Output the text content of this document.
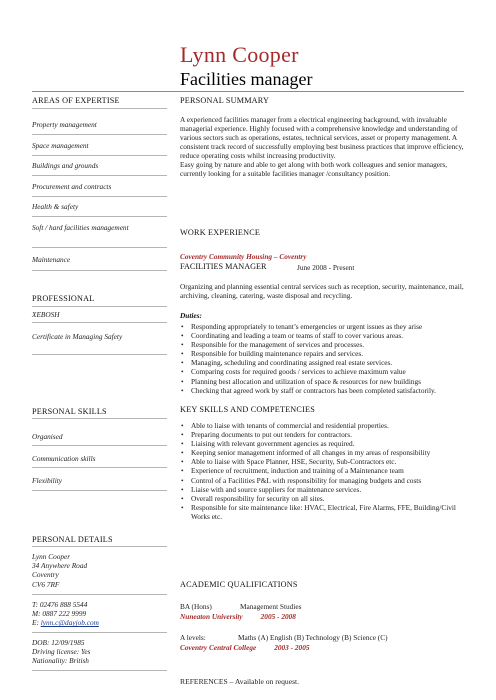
Lynn Cooper
Facilities manager
AREAS OF EXPERTISE
Property management
Space management
Buildings and grounds
Procurement and contracts
Health & safety
Soft / hard facilities management
Maintenance
PROFESSIONAL
XEBOSH
Certificate in Managing Safety
PERSONAL SKILLS
Organised
Communication skills
Flexibility
PERSONAL DETAILS
Lynn Cooper
34 Anywhere Road
Coventry
CV6 7RF
T: 02476 888 5544
M: 0887 222 9999
E: lynn.c@dayjob.com
DOB: 12/09/1985
Driving license: Yes
Nationality: British
PERSONAL SUMMARY
A experienced facilities manager from a electrical engineering background, with invaluable managerial experience. Highly focused with a comprehensive knowledge and understanding of various sectors such as operations, estates, technical services, asset or property management. A consistent track record of successfully employing best business practices that improve efficiency, reduce operating costs whilst increasing productivity.
Easy going by nature and able to get along with both work colleagues and senior managers, currently looking for a suitable facilities manager /consultancy position.
WORK EXPERIENCE
Coventry Community Housing – Coventry
FACILITIES MANAGER	June 2008 - Present
Organizing and planning essential central services such as reception, security, maintenance, mail, archiving, cleaning, catering, waste disposal and recycling.
Duties:
• Responding appropriately to tenant’s emergencies or urgent issues as they arise
• Coordinating and leading a team or teams of staff to cover various areas.
• Responsible for the management of services and processes.
• Responsible for building maintenance repairs and services.
• Managing, scheduling and coordinating assigned real estate services.
• Comparing costs for required goods / services to achieve maximum value
• Planning best allocation and utilization of space & resources for new buildings
• Checking that agreed work by staff or contractors has been completed satisfactorily.
KEY SKILLS AND COMPETENCIES
• Able to liaise with tenants of commercial and residential properties.
• Preparing documents to put out tenders for contractors.
• Liaising with relevant government agencies as required.
• Keeping senior management informed of all changes in my areas of responsibility
• Able to liaise with Space Planner, HSE, Security, Sub-Contractors etc.
• Experience of recruitment, induction and training of a Maintenance team
• Control of a Facilities P&L with responsibility for managing budgets and costs
• Liaise with and source suppliers for maintenance services.
• Overall responsibility for security on all sites.
• Responsible for site maintenance like: HVAC, Electrical, Fire Alarms, FFE, Building/Civil Works etc.
ACADEMIC QUALIFICATIONS
BA (Hons)	Management Studies
Nuneaton University 2005 - 2008
A levels:	Maths (A) English (B) Technology (B) Science (C)
Coventry Central College 2003 - 2005
REFERENCES – Available on request.
